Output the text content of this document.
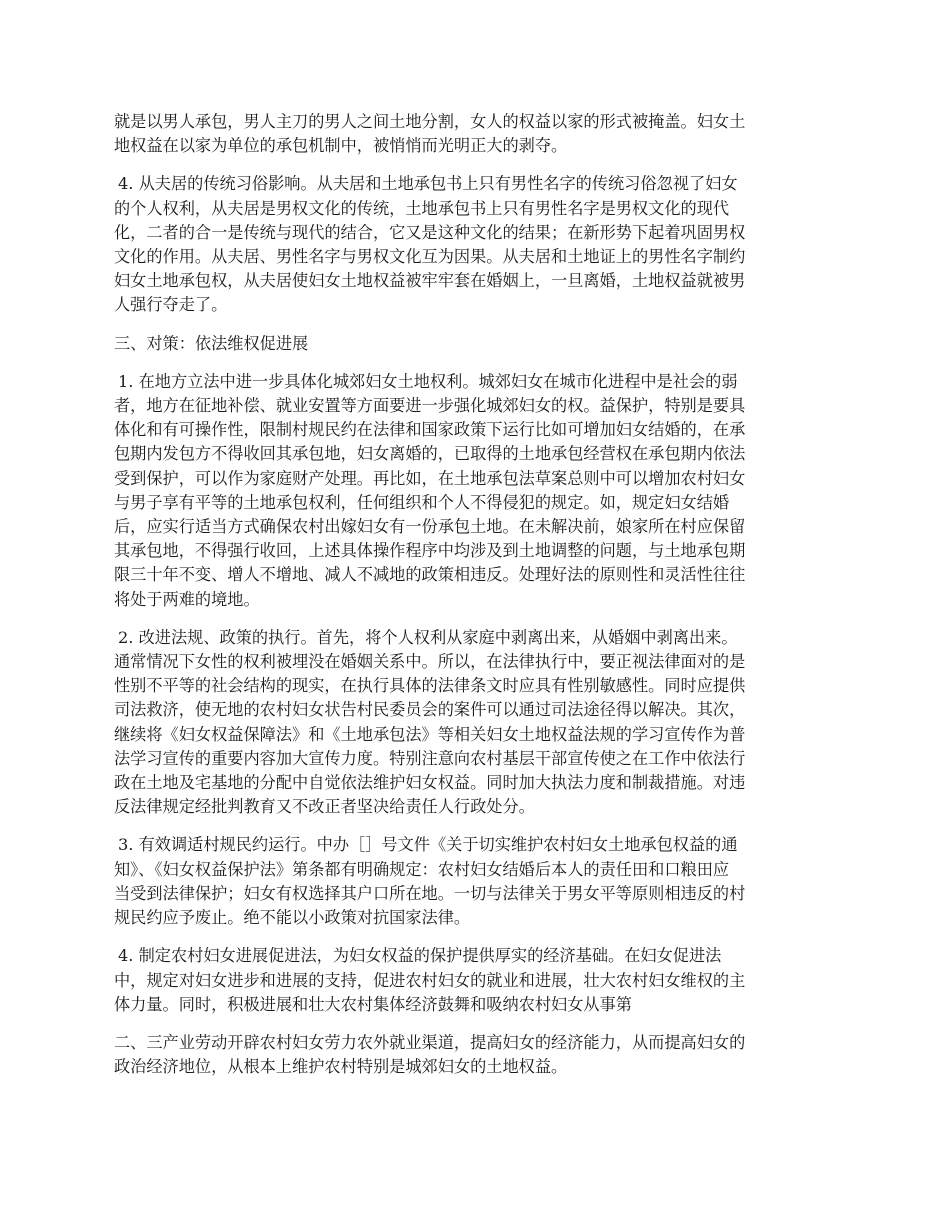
就是以男人承包，男人主刀的男人之间土地分割，女人的权益以家的形式被掩盖。妇女土
地权益在以家为单位的承包机制中，被悄悄而光明正大的剥夺。

4. 从夫居的传统习俗影响。从夫居和土地承包书上只有男性名字的传统习俗忽视了妇女
的个人权利，从夫居是男权文化的传统，土地承包书上只有男性名字是男权文化的现代
化，二者的合一是传统与现代的结合，它又是这种文化的结果；在新形势下起着巩固男权
文化的作用。从夫居、男性名字与男权文化互为因果。从夫居和土地证上的男性名字制约
妇女土地承包权，从夫居使妇女土地权益被牢牢套在婚姻上，一旦离婚，土地权益就被男
人强行夺走了。

三、对策：依法维权促进展

1. 在地方立法中进一步具体化城郊妇女土地权利。城郊妇女在城市化进程中是社会的弱
者，地方在征地补偿、就业安置等方面要进一步强化城郊妇女的权。益保护，特别是要具
体化和有可操作性，限制村规民约在法律和国家政策下运行比如可增加妇女结婚的，在承
包期内发包方不得收回其承包地，妇女离婚的，已取得的土地承包经营权在承包期内依法
受到保护，可以作为家庭财产处理。再比如，在土地承包法草案总则中可以增加农村妇女
与男子享有平等的土地承包权利，任何组织和个人不得侵犯的规定。如，规定妇女结婚
后，应实行适当方式确保农村出嫁妇女有一份承包土地。在未解决前，娘家所在村应保留
其承包地，不得强行收回，上述具体操作程序中均涉及到土地调整的问题，与土地承包期
限三十年不变、增人不增地、减人不减地的政策相违反。处理好法的原则性和灵活性往往
将处于两难的境地。

2. 改进法规、政策的执行。首先，将个人权利从家庭中剥离出来，从婚姻中剥离出来。
通常情况下女性的权利被埋没在婚姻关系中。所以，在法律执行中，要正视法律面对的是
性别不平等的社会结构的现实，在执行具体的法律条文时应具有性别敏感性。同时应提供
司法救济，使无地的农村妇女状告村民委员会的案件可以通过司法途径得以解决。其次，
继续将《妇女权益保障法》和《土地承包法》等相关妇女土地权益法规的学习宣传作为普
法学习宣传的重要内容加大宣传力度。特别注意向农村基层干部宣传使之在工作中依法行
政在土地及宅基地的分配中自觉依法维护妇女权益。同时加大执法力度和制裁措施。对违
反法律规定经批判教育又不改正者坚决给责任人行政处分。

3. 有效调适村规民约运行。中办［］号文件《关于切实维护农村妇女土地承包权益的通
知》、《妇女权益保护法》第条都有明确规定：农村妇女结婚后本人的责任田和口粮田应
当受到法律保护；妇女有权选择其户口所在地。一切与法律关于男女平等原则相违反的村
规民约应予废止。绝不能以小政策对抗国家法律。

4. 制定农村妇女进展促进法，为妇女权益的保护提供厚实的经济基础。在妇女促进法
中，规定对妇女进步和进展的支持，促进农村妇女的就业和进展，壮大农村妇女维权的主
体力量。同时，积极进展和壮大农村集体经济鼓舞和吸纳农村妇女从事第

二、三产业劳动开辟农村妇女劳力农外就业渠道，提高妇女的经济能力，从而提高妇女的
政治经济地位，从根本上维护农村特别是城郊妇女的土地权益。
